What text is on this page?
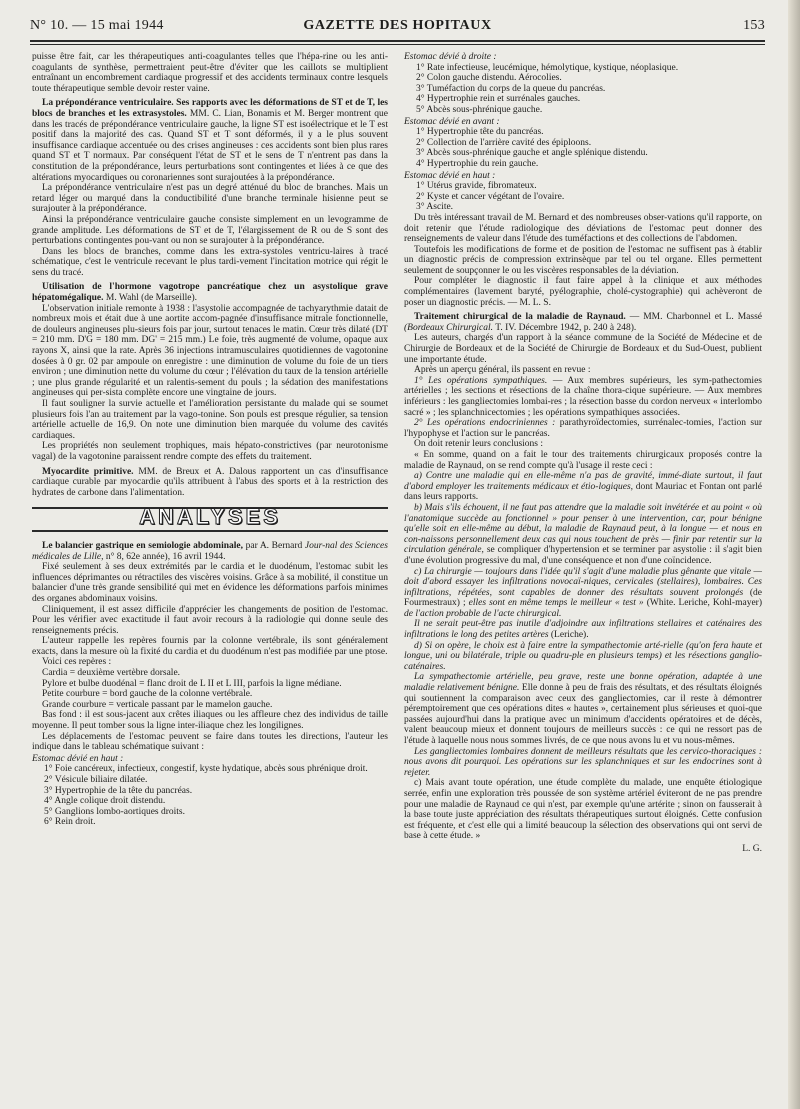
N° 10. — 15 mai 1944	GAZETTE DES HOPITAUX	153

puisse être fait, car les thérapeutiques anti-coagulantes telles que l'hépa-rine ou les anti-coagulants de synthèse, permettraient peut-être d'éviter que les caillots se multiplient entraînant un encombrement cardiaque progressif et des accidents terminaux contre lesquels toute thérapeutique semble devoir rester vaine.

La prépondérance ventriculaire. Ses rapports avec les déformations de ST et de T, les blocs de branches et les extrasystoles. MM. C. Lian, Bonamis et M. Berger montrent que dans les tracés de prépondérance ventriculaire gauche, la ligne ST est isoélectrique et le T est positif dans la majorité des cas. Quand ST et T sont déformés, il y a le plus souvent insuffisance cardiaque accentuée ou des crises angineuses : ces accidents sont bien plus rares quand ST et T normaux. Par conséquent l'état de ST et le sens de T n'entrent pas dans la constitution de la prépondérance, leurs perturbations sont contingentes et liées à ce que des altérations myocardiques ou coronariennes sont surajoutées à la prépondérance.

La prépondérance ventriculaire n'est pas un degré atténué du bloc de branches. Mais un retard léger ou marqué dans la conductibilité d'une branche terminale hisienne peut se surajouter à la prépondérance.

Ainsi la prépondérance ventriculaire gauche consiste simplement en un levogramme de grande amplitude. Les déformations de ST et de T, l'élargissement de R ou de S sont des perturbations contingentes pou-vant ou non se surajouter à la prépondérance.

Dans les blocs de branches, comme dans les extra-systoles ventricu-laires à tracé schématique, c'est le ventricule recevant le plus tardi-vement l'incitation motrice qui régit le sens du tracé.

Utilisation de l'hormone vagotrope pancréatique chez un asystolique grave hépatomégalique. M. Wahl (de Marseille).

L'observation initiale remonte à 1938 : l'asystolie accompagnée de tachyarythmie datait de nombreux mois et était due à une aortite accom-pagnée d'insuffisance mitrale fonctionnelle, de douleurs angineuses plu-sieurs fois par jour, surtout tenaces le matin. Cœur très dilaté (DT = 210 mm. D'G = 180 mm. DG' = 215 mm.) Le foie, très augmenté de volume, opaque aux rayons X, ainsi que la rate. Après 36 injections intramusculaires quotidiennes de vagotonine dosées à 0 gr. 02 par ampoule on enregistre : une diminution de volume du foie de un tiers environ ; une diminution nette du volume du cœur ; l'élévation du taux de la tension artérielle ; une plus grande régularité et un ralentis-sement du pouls ; la sédation des manifestations angineuses qui per-sista complète encore une vingtaine de jours.

Il faut souligner la survie actuelle et l'amélioration persistante du malade qui se soumet plusieurs fois l'an au traitement par la vago-tonine. Son pouls est presque régulier, sa tension artérielle actuelle de 16,9. On note une diminution bien marquée du volume des cavités cardiaques.

Les propriétés non seulement trophiques, mais hépato-constrictives (par neurotonisme vagal) de la vagotonine paraissent rendre compte des effets du traitement.

Myocardite primitive. MM. de Breux et A. Dalous rapportent un cas d'insuffisance cardiaque curable par myocardie qu'ils attribuent à l'abus des sports et à la restriction des hydrates de carbone dans l'alimentation.

ANALYSES

Le balancier gastrique en semiologie abdominale, par A. Bernard Jour-nal des Sciences médicales de Lille, n° 8, 62e année), 16 avril 1944.

Fixé seulement à ses deux extrémités par le cardia et le duodénum, l'estomac subit les influences déprimantes ou rétractiles des viscères voisins. Grâce à sa mobilité, il constitue un balancier d'une très grande sensibilité qui met en évidence les déformations parfois minimes des organes abdominaux voisins.

Cliniquement, il est assez difficile d'apprécier les changements de position de l'estomac. Pour les vérifier avec exactitude il faut avoir recours à la radiologie qui donne seule des renseignements précis.

L'auteur rappelle les repères fournis par la colonne vertébrale, ils sont généralement exacts, dans la mesure où la fixité du cardia et du duodénum n'est pas modifiée par une ptose.

Voici ces repères :

Cardia = deuxième vertèbre dorsale.

Pylore et bulbe duodénal = flanc droit de L II et L III, parfois la ligne médiane.

Petite courbure = bord gauche de la colonne vertébrale.

Grande courbure = verticale passant par le mamelon gauche.

Bas fond : il est sous-jacent aux crêtes iliaques ou les affleure chez des individus de taille moyenne. Il peut tomber sous la ligne inter-iliaque chez les longilignes.

Les déplacements de l'estomac peuvent se faire dans toutes les directions, l'auteur les indique dans le tableau schématique suivant :

Estomac dévié en haut :

1° Foie cancéreux, infectieux, congestif, kyste hydatique, abcès sous phrénique droit.

2° Vésicule biliaire dilatée.

3° Hypertrophie de la tête du pancréas.

4° Angle colique droit distendu.

5° Ganglions lombo-aortiques droits.

6° Rein droit.

Estomac dévié à droite :

1° Rate infectieuse, leucémique, hémolytique, kystique, néoplasique.

2° Colon gauche distendu. Aérocolies.

3° Tuméfaction du corps de la queue du pancréas.

4° Hypertrophie rein et surrénales gauches.

5° Abcès sous-phrénique gauche.

Estomac dévié en avant :

1° Hypertrophie tête du pancréas.

2° Collection de l'arrière cavité des épiploons.

3° Abcès sous-phrénique gauche et angle splénique distendu.

4° Hypertrophie du rein gauche.

Estomac dévié en haut :

1° Utérus gravide, fibromateux.

2° Kyste et cancer végétant de l'ovaire.

3° Ascite.

Du très intéressant travail de M. Bernard et des nombreuses obser-vations qu'il rapporte, on doit retenir que l'étude radiologique des déviations de l'estomac peut donner des renseignements de valeur dans l'étude des tuméfactions et des collections de l'abdomen.

Toutefois les modifications de forme et de position de l'estomac ne suffisent pas à établir un diagnostic précis de compression extrinsèque par tel ou tel organe. Elles permettent seulement de soupçonner le ou les viscères responsables de la déviation.

Pour compléter le diagnostic il faut faire appel à la clinique et aux méthodes complémentaires (lavement baryté, pyélographie, cholé-cystographie) qui achèveront de poser un diagnostic précis. — M. L. S.

Traitement chirurgical de la maladie de Raynaud. — MM. Charbonnel et L. Massé (Bordeaux Chirurgical. T. IV. Décembre 1942, p. 240 à 248).

Les auteurs, chargés d'un rapport à la séance commune de la Société de Médecine et de Chirurgie de Bordeaux et de la Société de Chirurgie de Bordeaux et du Sud-Ouest, publient une importante étude.

Après un aperçu général, ils passent en revue :

1° Les opérations sympathiques. — Aux membres supérieurs, les sym-pathectomies artérielles ; les sections et résections de la chaîne thora-cique supérieure. — Aux membres inférieurs : les gangliectomies lombai-res ; la résection basse du cordon nerveux « interlombo sacré » ; les splanchnicectomies ; les opérations sympathiques associées.

2° Les opérations endocriniennes : parathyroïdectomies, surrénalec-tomies, l'action sur l'hypophyse et l'action sur le pancréas.

On doit retenir leurs conclusions :

« En somme, quand on a fait le tour des traitements chirurgicaux proposés contre la maladie de Raynaud, on se rend compte qu'à l'usage il reste ceci :

a) Contre une maladie qui en elle-même n'a pas de gravité, immé-diate surtout, il faut d'abord employer les traitements médicaux et étio-logiques, dont Mauriac et Fontan ont parlé dans leurs rapports.

b) Mais s'ils échouent, il ne faut pas attendre que la maladie soit invétérée et au point « où l'anatomique succède au fonctionnel » pour penser à une intervention, car, pour bénigne qu'elle soit en elle-même au début, la maladie de Raynaud peut, à la longue — et nous en con-naissons personnellement deux cas qui nous touchent de près — finir par retentir sur la circulation générale, se compliquer d'hypertension et se terminer par asystolie : il s'agit bien d'une évolution progressive du mal, d'une conséquence et non d'une coïncidence.

c) La chirurgie — toujours dans l'idée qu'il s'agit d'une maladie plus gênante que vitale — doit d'abord essayer les infiltrations novocaï-niques, cervicales (stellaires), lombaires. Ces infiltrations, répétées, sont capables de donner des résultats souvent prolongés (de Fourmestraux) ; elles sont en même temps le meilleur « test » (White. Leriche, Kohl-mayer) de l'action probable de l'acte chirurgical.

Il ne serait peut-être pas inutile d'adjoindre aux infiltrations stellaires et caténaires des infiltrations le long des petites artères (Leriche).

d) Si on opère, le choix est à faire entre la sympathectomie arté-rielle (qu'on fera haute et longue, uni ou bilatérale, triple ou quadru-ple en plusieurs temps) et les résections ganglio-caténaires.

La sympathectomie artérielle, peu grave, reste une bonne opération, adaptée à une maladie relativement bénigne. Elle donne à peu de frais des résultats, et des résultats éloignés qui soutiennent la comparaison avec ceux des gangliectomies, car il reste à démontrer péremptoirement que ces opérations dites « hautes », certainement plus sérieuses et quoi-que passées aujourd'hui dans la pratique avec un minimum d'accidents opératoires et de décès, valent beaucoup mieux et donnent toujours de meilleurs succès : ce qui ne ressort pas de l'étude à laquelle nous nous sommes livrés, de ce que nous avons lu et vu nous-mêmes.

Les gangliectomies lombaires donnent de meilleurs résultats que les cervico-thoraciques : nous avons dit pourquoi. Les opérations sur les splanchniques et sur les endocrines sont à rejeter.

c) Mais avant toute opération, une étude complète du malade, une enquête étiologique serrée, enfin une exploration très poussée de son système artériel éviteront de ne pas prendre pour une maladie de Raynaud ce qui n'est, par exemple qu'une artérite ; sinon on fausserait à la base toute juste appréciation des résultats thérapeutiques surtout éloignés. Cette confusion est fréquente, et c'est elle qui a limité beaucoup la sélection des observations qui ont servi de base à cette étude. »

L. G.
